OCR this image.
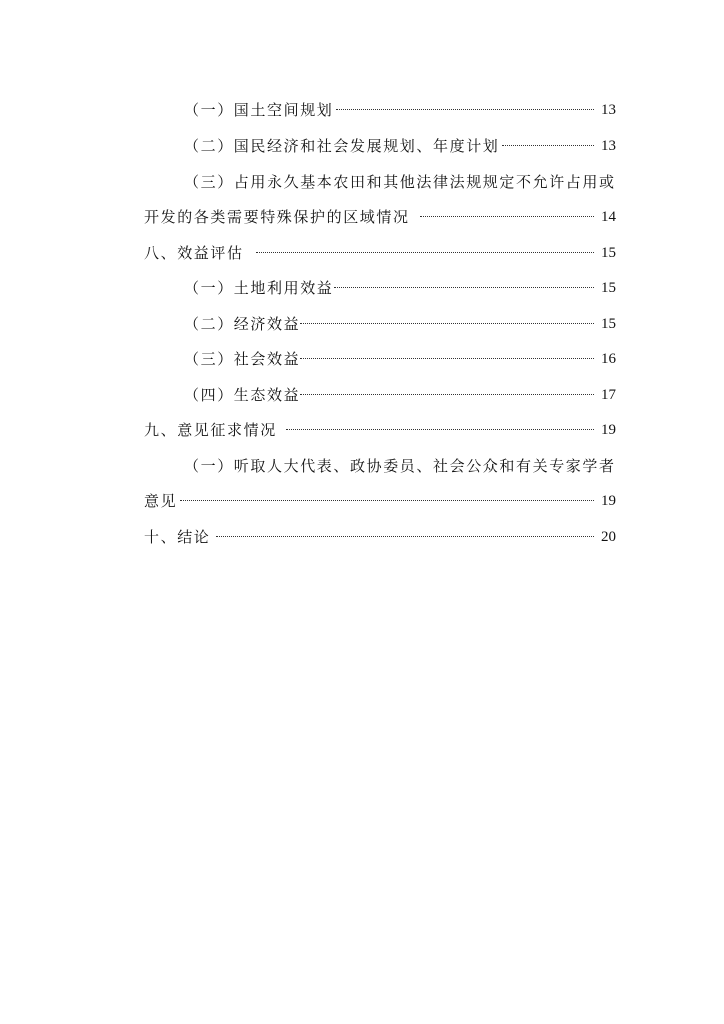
（一）国土空间规划	13
（二）国民经济和社会发展规划、年度计划	13
（三）占用永久基本农田和其他法律法规规定不允许占用或
开发的各类需要特殊保护的区域情况	14
八、效益评估	15
（一）土地利用效益	15
（二）经济效益	15
（三）社会效益	16
（四）生态效益	17
九、意见征求情况	19
（一）听取人大代表、政协委员、社会公众和有关专家学者
意见	19
十、结论	20
